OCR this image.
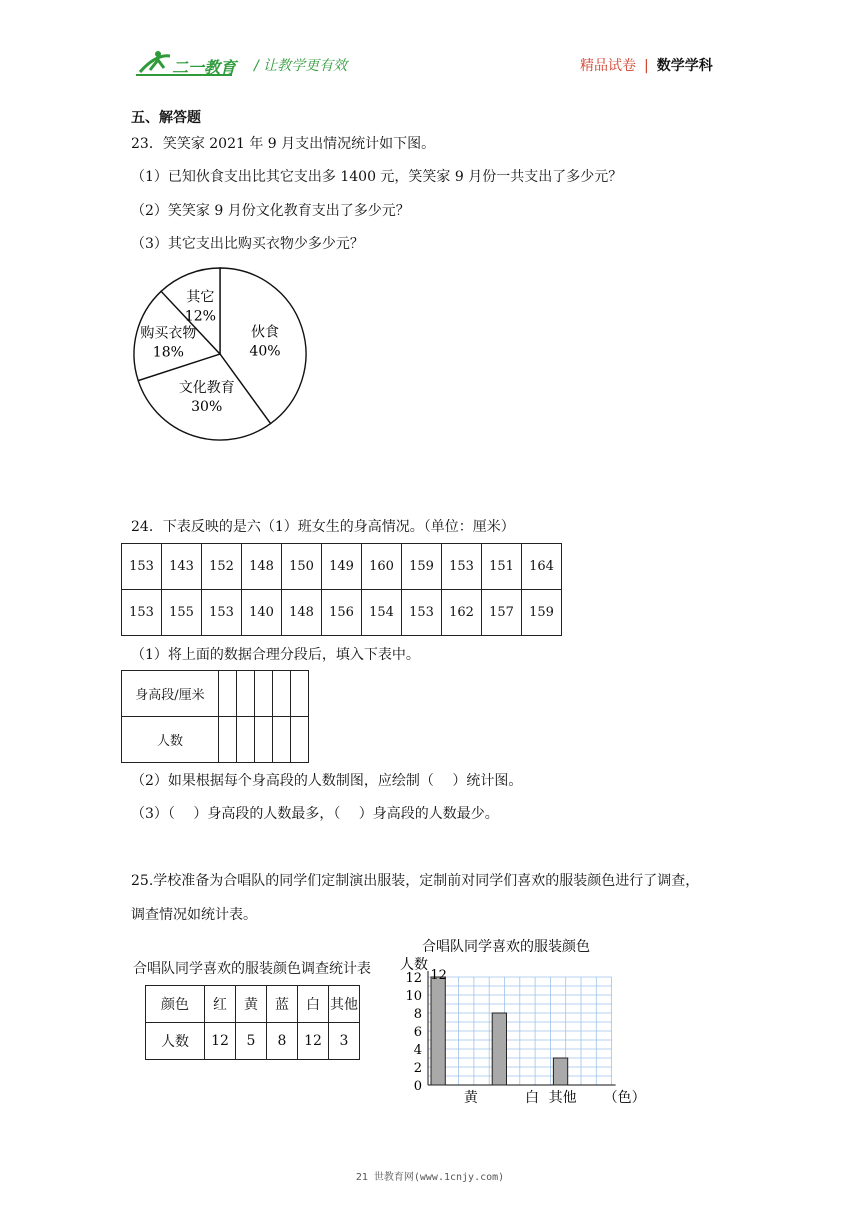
二一教育 / 让教学更有效	精品试卷 | 数学学科
五、解答题
23．笑笑家 2021 年 9 月支出情况统计如下图。
（1）已知伙食支出比其它支出多 1400 元，笑笑家 9 月份一共支出了多少元？
（2）笑笑家 9 月份文化教育支出了多少元？
（3）其它支出比购买衣物少多少元？
伙食
40%
文化教育
30%
购买衣物
18%
其它
12%
24．下表反映的是六（1）班女生的身高情况。（单位：厘米）
153	143	152	148	150	149	160	159	153	151	164
153	155	153	140	148	156	154	153	162	157	159
（1）将上面的数据合理分段后，填入下表中。
身高段/厘米					
人数					
（2）如果根据每个身高段的人数制图，应绘制（　 ）统计图。
（3）（　 ）身高段的人数最多，（　 ）身高段的人数最少。
25.学校准备为合唱队的同学们定制演出服装，定制前对同学们喜欢的服装颜色进行了调查，
调查情况如统计表。
合唱队同学喜欢的服装颜色调查统计表
颜色	红	黄	蓝	白	其他
人数	12	5	8	12	3
合唱队同学喜欢的服装颜色
人数
0
2
4
6
8
10
12
黄	白 其他
12
（色）
21 世教育网(www.1cnjy.com)
